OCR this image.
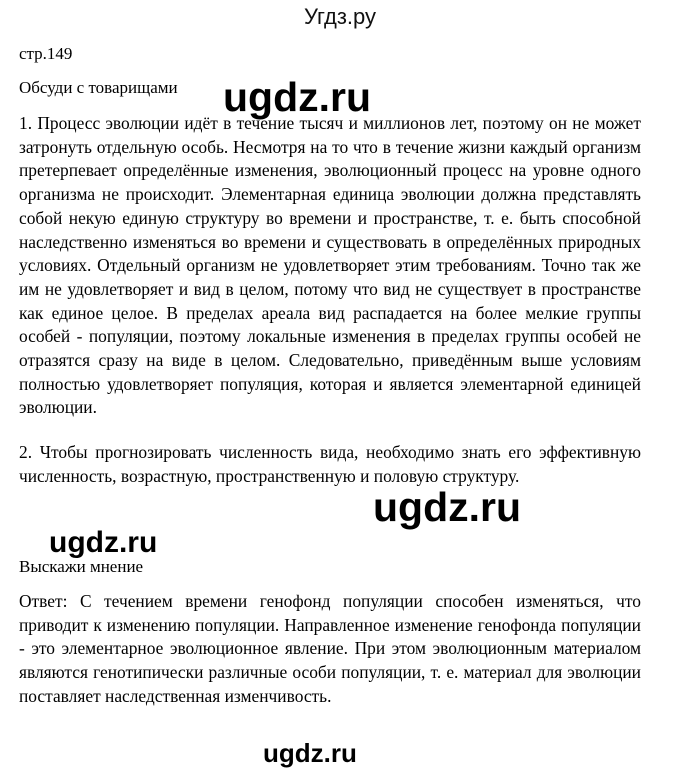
Угдз.ру
стр.149
Обсуди с товарищами

1. Процесс эволюции идёт в течение тысяч и миллионов лет, поэтому он не может затронуть отдельную особь. Несмотря на то что в течение жизни каждый организм претерпевает определённые изменения, эволюционный процесс на уровне одного организма не происходит. Элементарная единица эволюции должна представлять собой некую единую структуру во времени и пространстве, т. е. быть способной наследственно изменяться во времени и существовать в определённых природных условиях. Отдельный организм не удовлетворяет этим требованиям. Точно так же им не удовлетворяет и вид в целом, потому что вид не существует в пространстве как единое целое. В пределах ареала вид распадается на более мелкие группы особей - популяции, поэтому локальные изменения в пределах группы особей не отразятся сразу на виде в целом. Следовательно, приведённым выше условиям полностью удовлетворяет популяция, которая и является элементарной единицей эволюции.

2. Чтобы прогнозировать численность вида, необходимо знать его эффективную численность, возрастную, пространственную и половую структуру.

Выскажи мнение

Ответ: С течением времени генофонд популяции способен изменяться, что приводит к изменению популяции. Направленное изменение генофонда популяции - это элементарное эволюционное явление. При этом эволюционным материалом являются генотипически различные особи популяции, т. е. материал для эволюции поставляет наследственная изменчивость.

ugdz.ru
ugdz.ru
ugdz.ru
ugdz.ru
